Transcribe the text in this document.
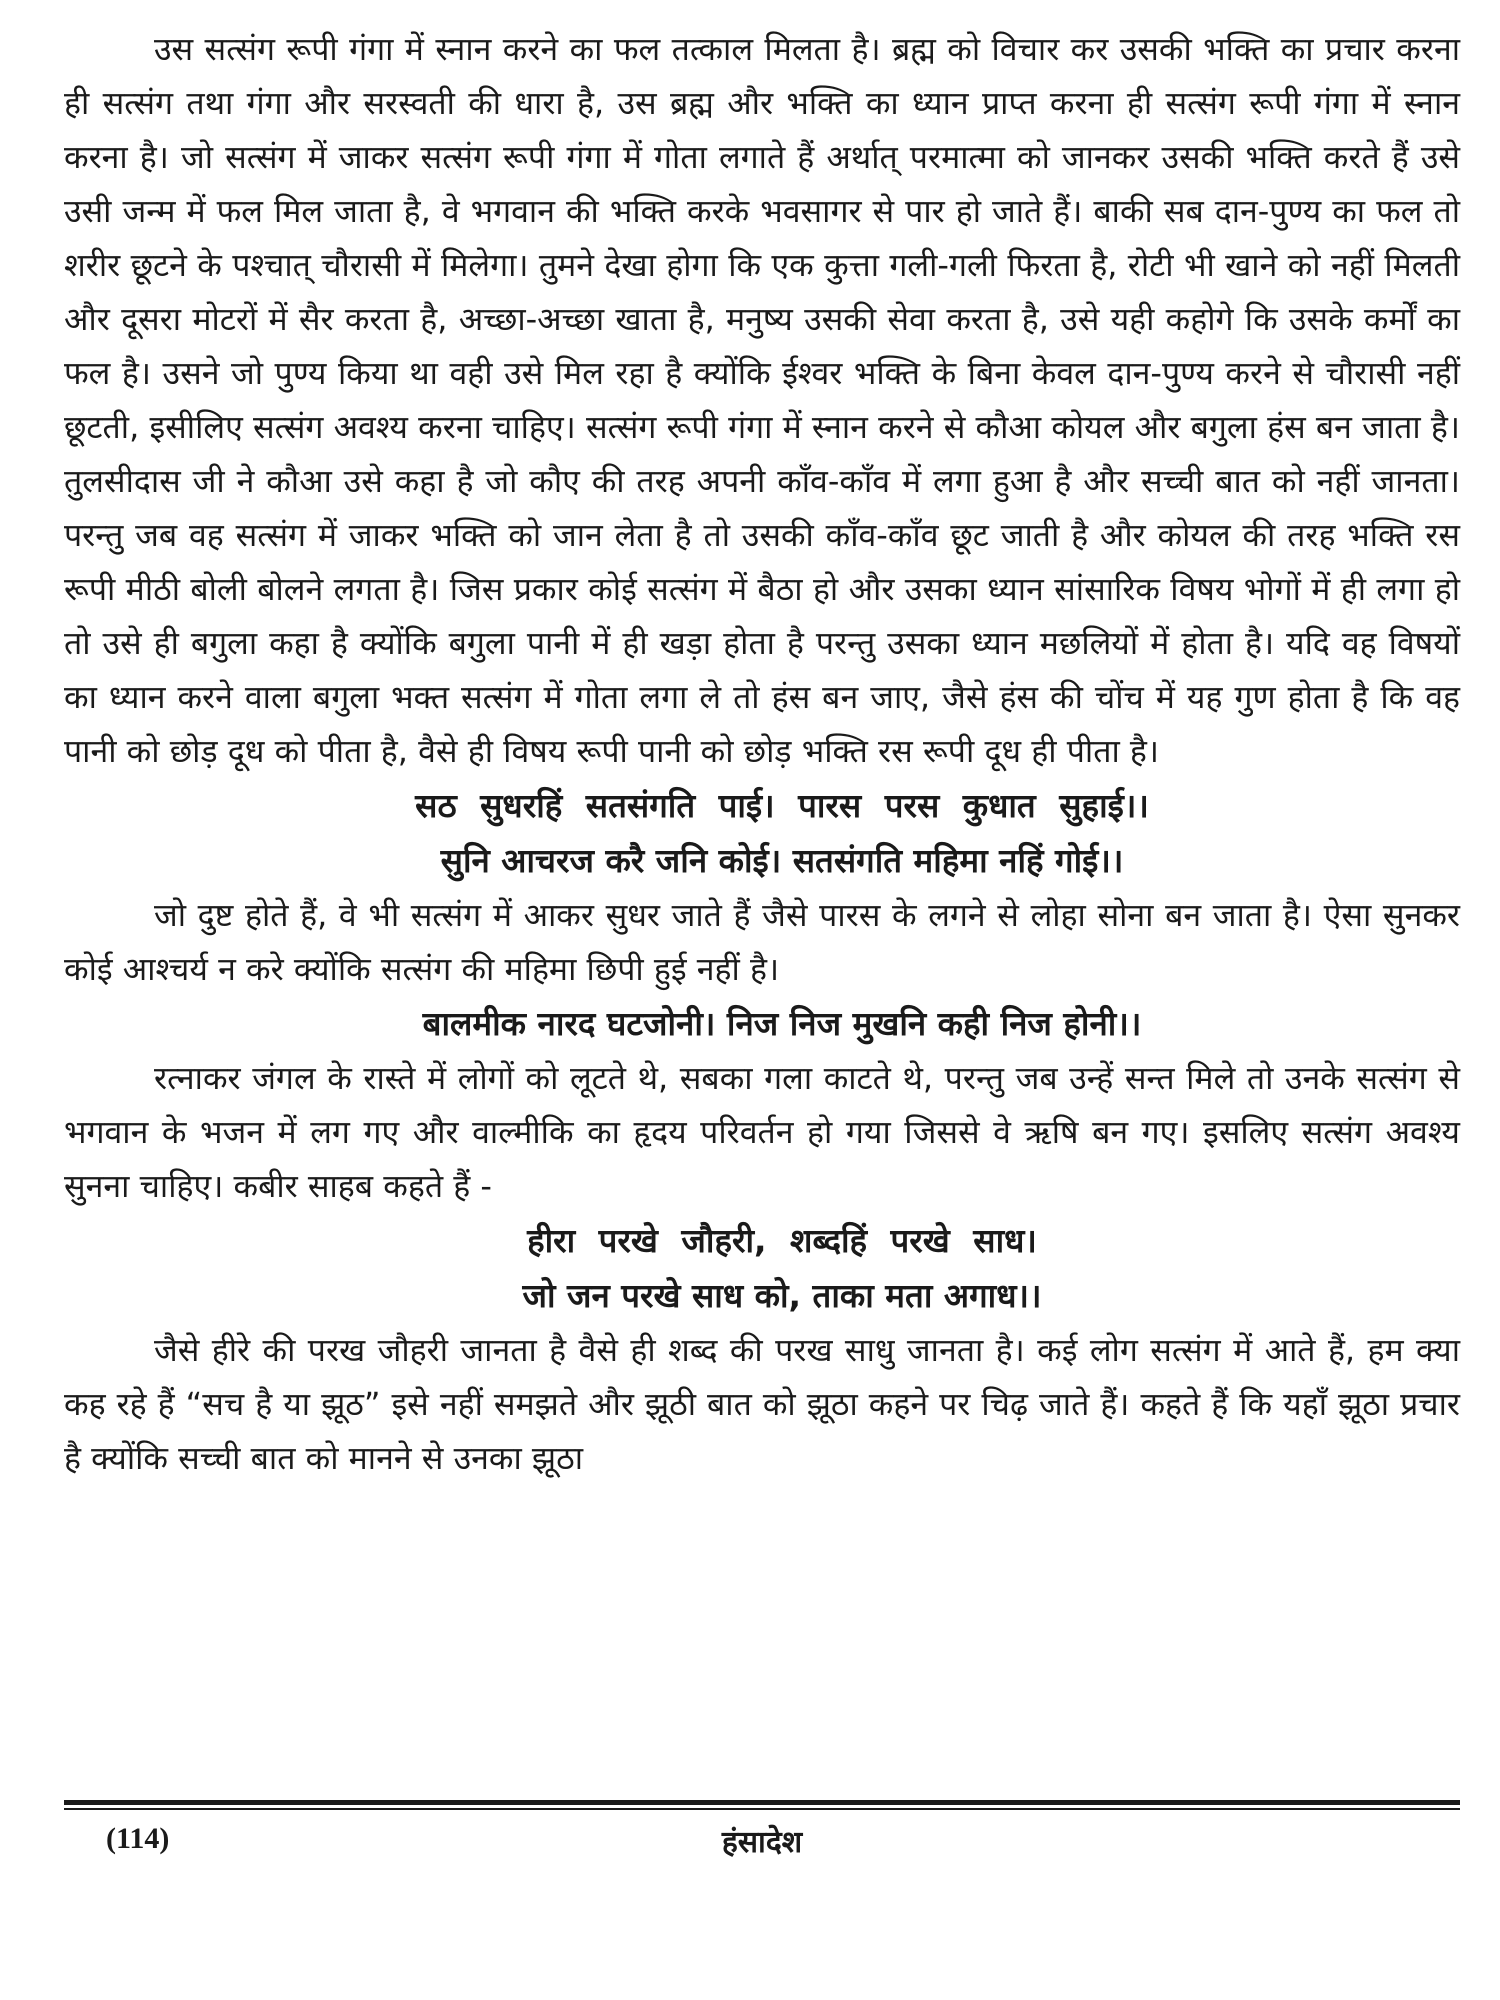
उस सत्संग रूपी गंगा में स्नान करने का फल तत्काल मिलता है। ब्रह्म को विचार कर उसकी भक्ति का प्रचार करना ही सत्संग तथा गंगा और सरस्वती की धारा है, उस ब्रह्म और भक्ति का ध्यान प्राप्त करना ही सत्संग रूपी गंगा में स्नान करना है। जो सत्संग में जाकर सत्संग रूपी गंगा में गोता लगाते हैं अर्थात् परमात्मा को जानकर उसकी भक्ति करते हैं उसे उसी जन्म में फल मिल जाता है, वे भगवान की भक्ति करके भवसागर से पार हो जाते हैं। बाकी सब दान-पुण्य का फल तो शरीर छूटने के पश्चात् चौरासी में मिलेगा। तुमने देखा होगा कि एक कुत्ता गली-गली फिरता है, रोटी भी खाने को नहीं मिलती और दूसरा मोटरों में सैर करता है, अच्छा-अच्छा खाता है, मनुष्य उसकी सेवा करता है, उसे यही कहोगे कि उसके कर्मों का फल है। उसने जो पुण्य किया था वही उसे मिल रहा है क्योंकि ईश्वर भक्ति के बिना केवल दान-पुण्य करने से चौरासी नहीं छूटती, इसीलिए सत्संग अवश्य करना चाहिए। सत्संग रूपी गंगा में स्नान करने से कौआ कोयल और बगुला हंस बन जाता है। तुलसीदास जी ने कौआ उसे कहा है जो कौए की तरह अपनी काँव-काँव में लगा हुआ है और सच्ची बात को नहीं जानता। परन्तु जब वह सत्संग में जाकर भक्ति को जान लेता है तो उसकी काँव-काँव छूट जाती है और कोयल की तरह भक्ति रस रूपी मीठी बोली बोलने लगता है। जिस प्रकार कोई सत्संग में बैठा हो और उसका ध्यान सांसारिक विषय भोगों में ही लगा हो तो उसे ही बगुला कहा है क्योंकि बगुला पानी में ही खड़ा होता है परन्तु उसका ध्यान मछलियों में होता है। यदि वह विषयों का ध्यान करने वाला बगुला भक्त सत्संग में गोता लगा ले तो हंस बन जाए, जैसे हंस की चोंच में यह गुण होता है कि वह पानी को छोड़ दूध को पीता है, वैसे ही विषय रूपी पानी को छोड़ भक्ति रस रूपी दूध ही पीता है।

सठ सुधरहिं सतसंगति पाई। पारस परस कुधात सुहाई।।

सुनि आचरज करै जनि कोई। सतसंगति महिमा नहिं गोई।।

जो दुष्ट होते हैं, वे भी सत्संग में आकर सुधर जाते हैं जैसे पारस के लगने से लोहा सोना बन जाता है। ऐसा सुनकर कोई आश्चर्य न करे क्योंकि सत्संग की महिमा छिपी हुई नहीं है।

बालमीक नारद घटजोनी। निज निज मुखनि कही निज होनी।।

रत्नाकर जंगल के रास्ते में लोगों को लूटते थे, सबका गला काटते थे, परन्तु जब उन्हें सन्त मिले तो उनके सत्संग से भगवान के भजन में लग गए और वाल्मीकि का हृदय परिवर्तन हो गया जिससे वे ऋषि बन गए। इसलिए सत्संग अवश्य सुनना चाहिए। कबीर साहब कहते हैं -

हीरा परखे जौहरी, शब्दहिं परखे साध।

जो जन परखे साध को, ताका मता अगाध।।

जैसे हीरे की परख जौहरी जानता है वैसे ही शब्द की परख साधु जानता है। कई लोग सत्संग में आते हैं, हम क्या कह रहे हैं “सच है या झूठ” इसे नहीं समझते और झूठी बात को झूठा कहने पर चिढ़ जाते हैं। कहते हैं कि यहाँ झूठा प्रचार है क्योंकि सच्ची बात को मानने से उनका झूठा

(114)	हंसादेश
